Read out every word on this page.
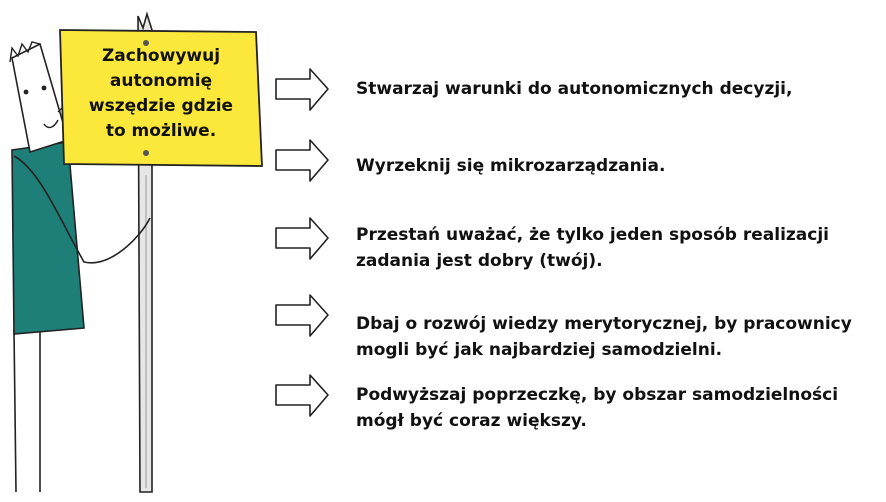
Zachowywuj
autonomię
wszędzie gdzie
to możliwe.
Stwarzaj warunki do autonomicznych decyzji,
Wyrzeknij się mikrozarządzania.
Przestań uważać, że tylko jeden sposób realizacji
zadania jest dobry (twój).
Dbaj o rozwój wiedzy merytorycznej, by pracownicy
mogli być jak najbardziej samodzielni.
Podwyższaj poprzeczkę, by obszar samodzielności
mógł być coraz większy.
